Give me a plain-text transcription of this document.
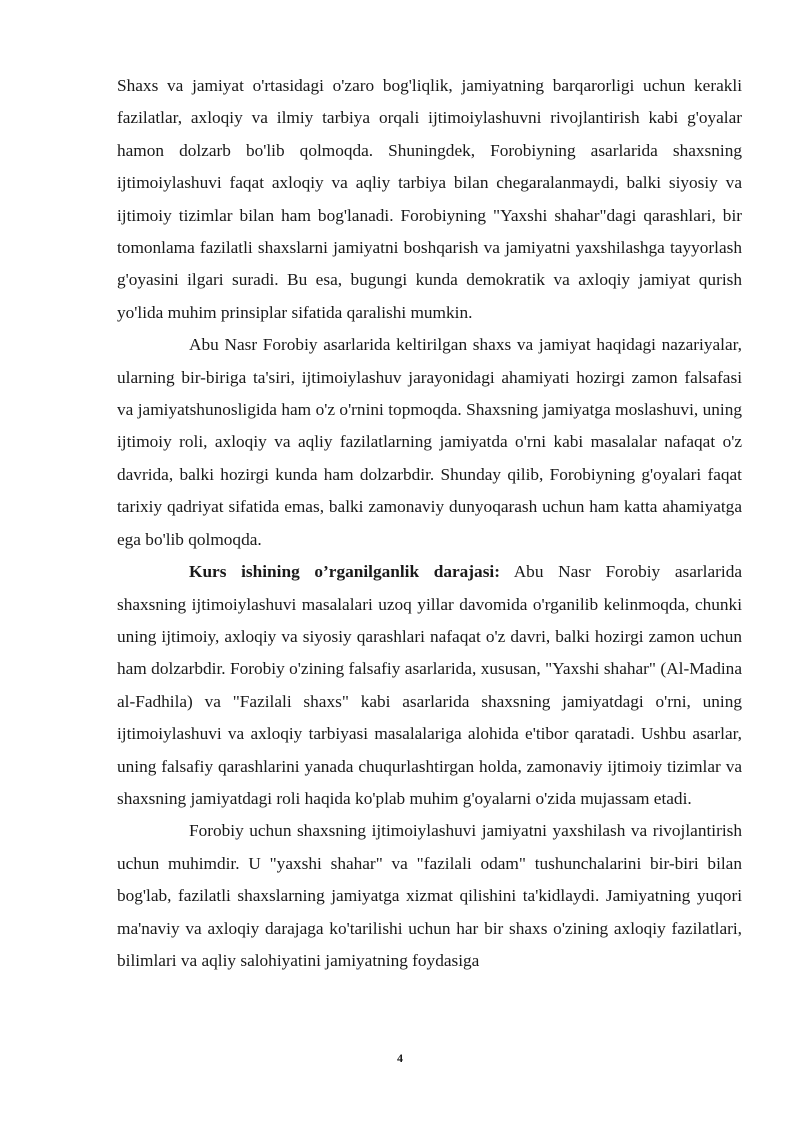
Shaxs va jamiyat o'rtasidagi o'zaro bog'liqlik, jamiyatning barqarorligi uchun kerakli fazilatlar, axloqiy va ilmiy tarbiya orqali ijtimoiylashuvni rivojlantirish kabi g'oyalar hamon dolzarb bo'lib qolmoqda. Shuningdek, Forobiyning asarlarida shaxsning ijtimoiylashuvi faqat axloqiy va aqliy tarbiya bilan chegaralanmaydi, balki siyosiy va ijtimoiy tizimlar bilan ham bog'lanadi. Forobiyning "Yaxshi shahar"dagi qarashlari, bir tomonlama fazilatli shaxslarni jamiyatni boshqarish va jamiyatni yaxshilashga tayyorlash g'oyasini ilgari suradi. Bu esa, bugungi kunda demokratik va axloqiy jamiyat qurish yo'lida muhim prinsiplar sifatida qaralishi mumkin.

Abu Nasr Forobiy asarlarida keltirilgan shaxs va jamiyat haqidagi nazariyalar, ularning bir-biriga ta'siri, ijtimoiylashuv jarayonidagi ahamiyati hozirgi zamon falsafasi va jamiyatshunosligida ham o'z o'rnini topmoqda. Shaxsning jamiyatga moslashuvi, uning ijtimoiy roli, axloqiy va aqliy fazilatlarning jamiyatda o'rni kabi masalalar nafaqat o'z davrida, balki hozirgi kunda ham dolzarbdir. Shunday qilib, Forobiyning g'oyalari faqat tarixiy qadriyat sifatida emas, balki zamonaviy dunyoqarash uchun ham katta ahamiyatga ega bo'lib qolmoqda.

Kurs ishining o’rganilganlik darajasi: Abu Nasr Forobiy asarlarida shaxsning ijtimoiylashuvi masalalari uzoq yillar davomida o'rganilib kelinmoqda, chunki uning ijtimoiy, axloqiy va siyosiy qarashlari nafaqat o'z davri, balki hozirgi zamon uchun ham dolzarbdir. Forobiy o'zining falsafiy asarlarida, xususan, "Yaxshi shahar" (Al-Madina al-Fadhila) va "Fazilali shaxs" kabi asarlarida shaxsning jamiyatdagi o'rni, uning ijtimoiylashuvi va axloqiy tarbiyasi masalalariga alohida e'tibor qaratadi. Ushbu asarlar, uning falsafiy qarashlarini yanada chuqurlashtirgan holda, zamonaviy ijtimoiy tizimlar va shaxsning jamiyatdagi roli haqida ko'plab muhim g'oyalarni o'zida mujassam etadi.

Forobiy uchun shaxsning ijtimoiylashuvi jamiyatni yaxshilash va rivojlantirish uchun muhimdir. U "yaxshi shahar" va "fazilali odam" tushunchalarini bir-biri bilan bog'lab, fazilatli shaxslarning jamiyatga xizmat qilishini ta'kidlaydi. Jamiyatning yuqori ma'naviy va axloqiy darajaga ko'tarilishi uchun har bir shaxs o'zining axloqiy fazilatlari, bilimlari va aqliy salohiyatini jamiyatning foydasiga

4
